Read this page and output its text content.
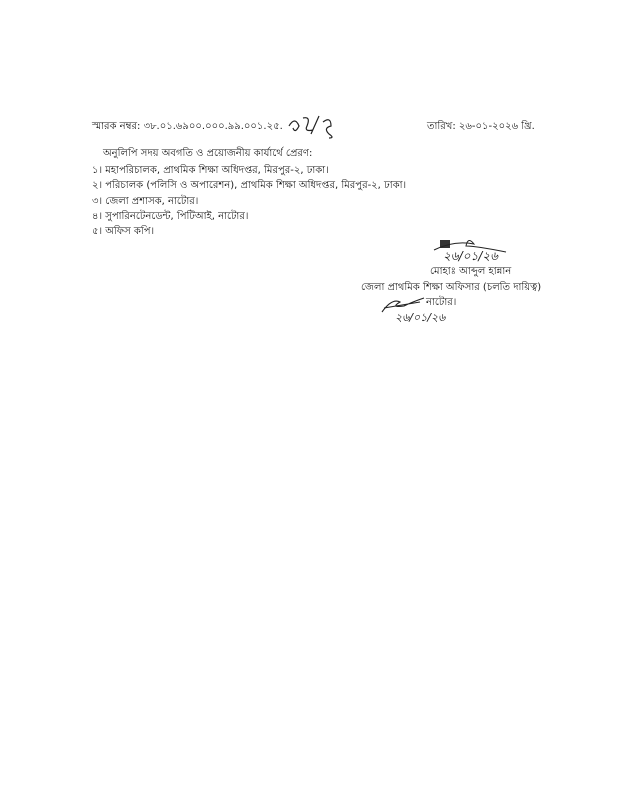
স্মারক নম্বর: ৩৮.০১.৬৯০০.০০০.৯৯.০০১.২৫.	তারিখ: ২৬-০১-২০২৬ খ্রি.
অনুলিপি সদয় অবগতি ও প্রয়োজনীয় কার্যার্থে প্রেরণ:
১। মহাপরিচালক, প্রাথমিক শিক্ষা অধিদপ্তর, মিরপুর-২, ঢাকা।
২। পরিচালক (পলিসি ও অপারেশন), প্রাথমিক শিক্ষা অধিদপ্তর, মিরপুর-২, ঢাকা।
৩। জেলা প্রশাসক, নাটোর।
৪। সুপারিনটেনডেন্ট, পিটিআই, নাটোর।
৫। অফিস কপি।
২৬/০১/২৬
মোহাঃ আব্দুল হান্নান
জেলা প্রাথমিক শিক্ষা অফিসার (চলতি দায়িত্ব)
নাটোর।
২৬/০১/২৬
